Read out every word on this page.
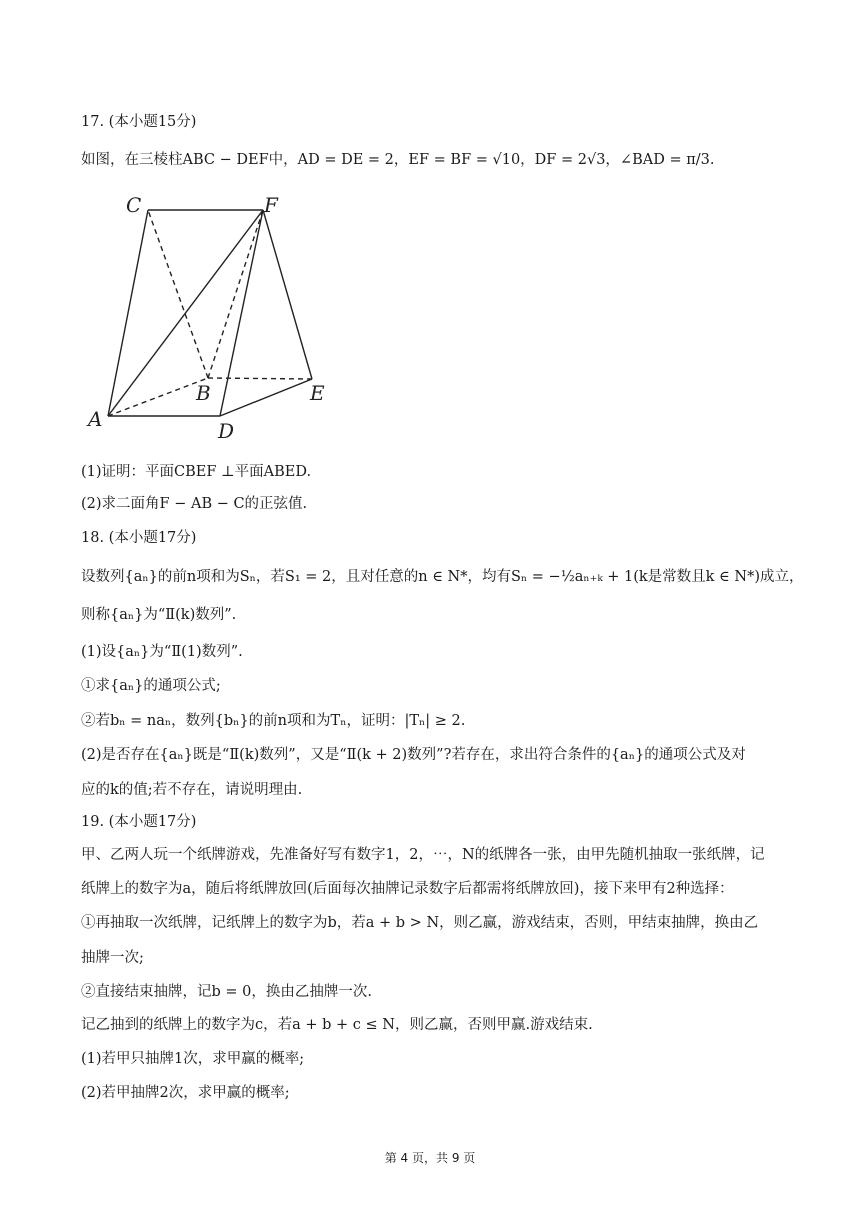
17. (本小题15分)
如图，在三棱柱ABC − DEF中，AD = DE = 2，EF = BF = √10，DF = 2√3，∠BAD = π/3.
C	F
B	E
A	D
(1)证明：平面CBEF ⊥平面ABED.
(2)求二面角F − AB − C的正弦值.
18. (本小题17分)
设数列{aₙ}的前n项和为Sₙ，若S₁ = 2，且对任意的n ∈ N*，均有Sₙ = −½aₙ₊ₖ + 1(k是常数且k ∈ N*)成立，
则称{aₙ}为“Ⅱ(k)数列”.
(1)设{aₙ}为“Ⅱ(1)数列”.
①求{aₙ}的通项公式;
②若bₙ = naₙ，数列{bₙ}的前n项和为Tₙ，证明：|Tₙ| ≥ 2.
(2)是否存在{aₙ}既是“Ⅱ(k)数列”，又是“Ⅱ(k + 2)数列”?若存在，求出符合条件的{aₙ}的通项公式及对
应的k的值;若不存在，请说明理由.
19. (本小题17分)
甲、乙两人玩一个纸牌游戏，先准备好写有数字1，2，⋯，N的纸牌各一张，由甲先随机抽取一张纸牌，记
纸牌上的数字为a，随后将纸牌放回(后面每次抽牌记录数字后都需将纸牌放回)，接下来甲有2种选择：
①再抽取一次纸牌，记纸牌上的数字为b，若a + b > N，则乙赢，游戏结束，否则，甲结束抽牌，换由乙
抽牌一次;
②直接结束抽牌，记b = 0，换由乙抽牌一次.
记乙抽到的纸牌上的数字为c，若a + b + c ≤ N，则乙赢，否则甲赢.游戏结束.
(1)若甲只抽牌1次，求甲赢的概率;
(2)若甲抽牌2次，求甲赢的概率;
第 4 页，共 9 页
